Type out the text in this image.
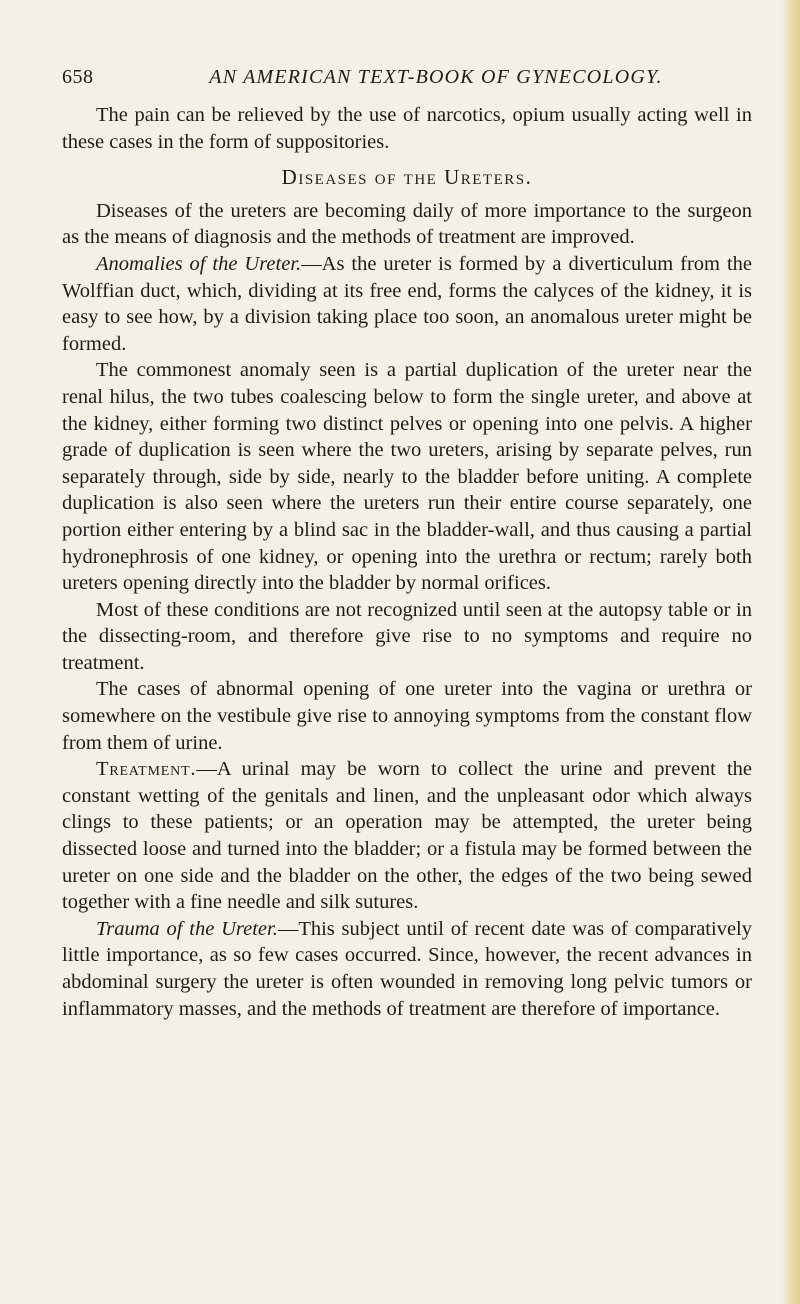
658	AN AMERICAN TEXT-BOOK OF GYNECOLOGY.

The pain can be relieved by the use of narcotics, opium usually acting well in these cases in the form of suppositories.

Diseases of the Ureters.

Diseases of the ureters are becoming daily of more importance to the surgeon as the means of diagnosis and the methods of treatment are improved.

Anomalies of the Ureter.—As the ureter is formed by a diverticulum from the Wolffian duct, which, dividing at its free end, forms the calyces of the kidney, it is easy to see how, by a division taking place too soon, an anomalous ureter might be formed.

The commonest anomaly seen is a partial duplication of the ureter near the renal hilus, the two tubes coalescing below to form the single ureter, and above at the kidney, either forming two distinct pelves or opening into one pelvis. A higher grade of duplication is seen where the two ureters, arising by separate pelves, run separately through, side by side, nearly to the bladder before uniting. A complete duplication is also seen where the ureters run their entire course separately, one portion either entering by a blind sac in the bladder-wall, and thus causing a partial hydronephrosis of one kidney, or opening into the urethra or rectum; rarely both ureters opening directly into the bladder by normal orifices.

Most of these conditions are not recognized until seen at the autopsy table or in the dissecting-room, and therefore give rise to no symptoms and require no treatment.

The cases of abnormal opening of one ureter into the vagina or urethra or somewhere on the vestibule give rise to annoying symptoms from the constant flow from them of urine.

Treatment.—A urinal may be worn to collect the urine and prevent the constant wetting of the genitals and linen, and the unpleasant odor which always clings to these patients; or an operation may be attempted, the ureter being dissected loose and turned into the bladder; or a fistula may be formed between the ureter on one side and the bladder on the other, the edges of the two being sewed together with a fine needle and silk sutures.

Trauma of the Ureter.—This subject until of recent date was of comparatively little importance, as so few cases occurred. Since, however, the recent advances in abdominal surgery the ureter is often wounded in removing long pelvic tumors or inflammatory masses, and the methods of treatment are therefore of importance.
